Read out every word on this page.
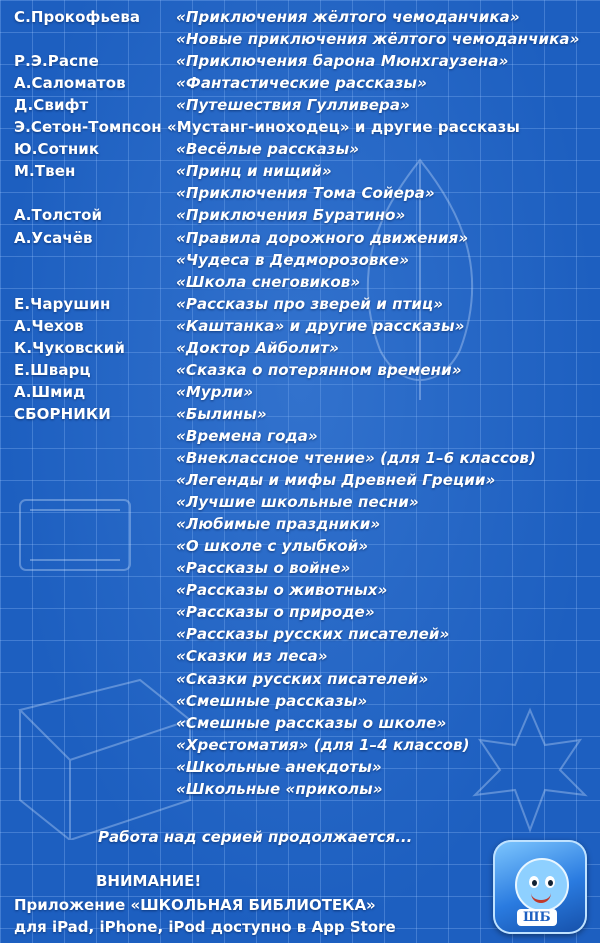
С.Прокофьева «Приключения жёлтого чемоданчика»
«Новые приключения жёлтого чемоданчика»
Р.Э.Распе	«Приключения барона Мюнхгаузена»
А.Саломатов	«Фантастические рассказы»
Д.Свифт	«Путешествия Гулливера»
Э.Сетон-Томпсон «Мустанг-иноходец» и другие рассказы
Ю.Сотник	«Весёлые рассказы»
М.Твен	«Принц и нищий»
«Приключения Тома Сойера»
А.Толстой	«Приключения Буратино»
А.Усачёв	«Правила дорожного движения»
«Чудеса в Дедморозовке»
«Школа снеговиков»
Е.Чарушин	«Рассказы про зверей и птиц»
А.Чехов	«Каштанка» и другие рассказы»
К.Чуковский	«Доктор Айболит»
Е.Шварц	«Сказка о потерянном времени»
А.Шмид	«Мурли»
СБОРНИКИ	«Былины»
«Времена года»
«Внеклассное чтение» (для 1–6 классов)
«Легенды и мифы Древней Греции»
«Лучшие школьные песни»
«Любимые праздники»
«О школе с улыбкой»
«Рассказы о войне»
«Рассказы о животных»
«Рассказы о природе»
«Рассказы русских писателей»
«Сказки из леса»
«Сказки русских писателей»
«Смешные рассказы»
«Смешные рассказы о школе»
«Хрестоматия» (для 1–4 классов)
«Школьные анекдоты»
«Школьные «приколы»
Работа над серией продолжается...
ВНИМАНИЕ!
Приложение «ШКОЛЬНАЯ БИБЛИОТЕКА»
для iPad, iPhone, iPod доступно в App Store
ШБ
